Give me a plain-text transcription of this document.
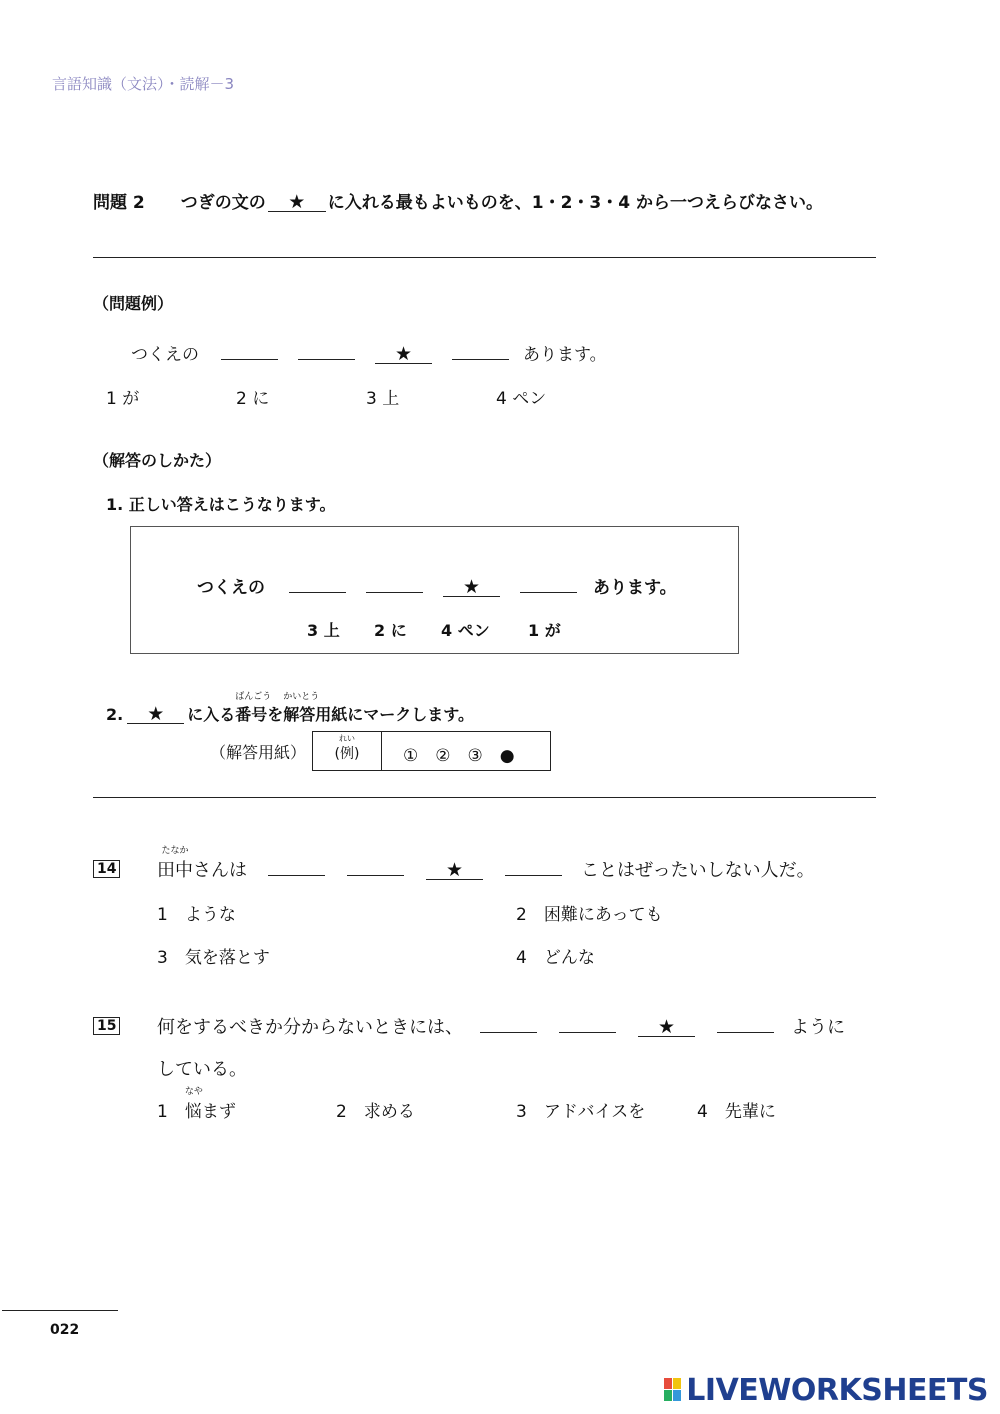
言語知識（文法）・読解－3
問題 2 つぎの文の ★ に入れる最もよいものを、1・2・3・4 から一つえらびなさい。
（問題例）
つくえの	★	あります。
1 が	2 に	3 上	4 ペン
（解答のしかた）
1. 正しい答えはこうなります。
つくえの	★	あります。
3 上 2 に 4 ペン 1 が
2. ★ に入る
ばんごう
番号を
かいとう
解答用紙にマークします。
（解答用紙）
れい
(例)	①　②　③　●
14
たなか
田中さんは	★	ことはぜったいしない人だ。
1　ような	2　困難にあっても
3　気を落とす	4　どんな
15 何をするべきか分からないときには、	★	ように
している。
1
なや
悩まず	2　求める	3　アドバイスを	4　先輩に
022
LIVEWORKSHEETS
